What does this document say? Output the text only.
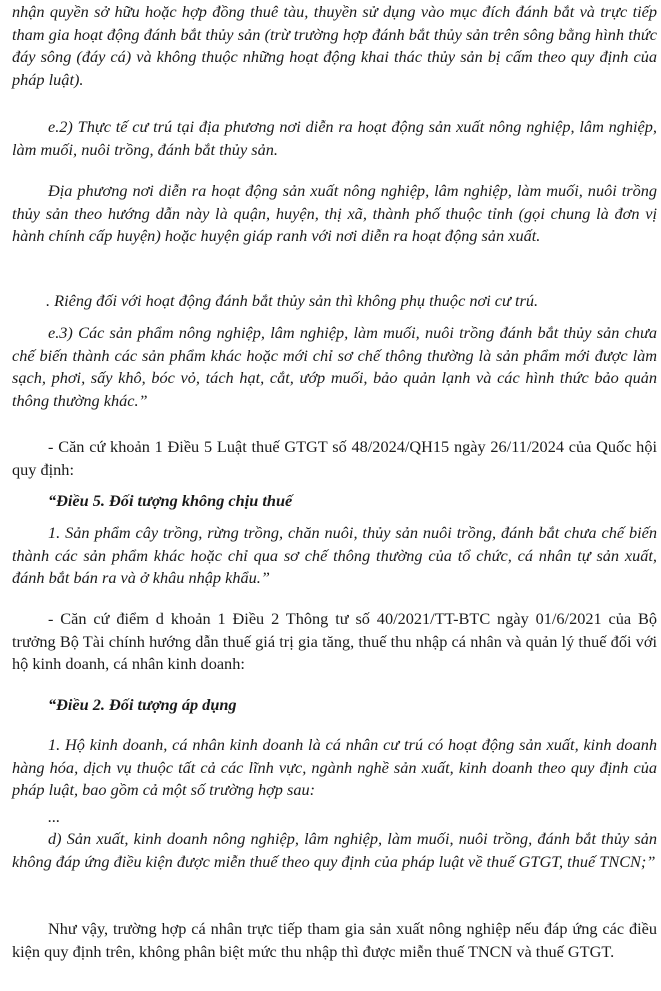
nhận quyền sở hữu hoặc hợp đồng thuê tàu, thuyền sử dụng vào mục đích đánh bắt và trực tiếp tham gia hoạt động đánh bắt thủy sản (trừ trường hợp đánh bắt thủy sản trên sông bằng hình thức đáy sông (đáy cá) và không thuộc những hoạt động khai thác thủy sản bị cấm theo quy định của pháp luật).

e.2) Thực tế cư trú tại địa phương nơi diễn ra hoạt động sản xuất nông nghiệp, lâm nghiệp, làm muối, nuôi trồng, đánh bắt thủy sản.

Địa phương nơi diễn ra hoạt động sản xuất nông nghiệp, lâm nghiệp, làm muối, nuôi trồng thủy sản theo hướng dẫn này là quận, huyện, thị xã, thành phố thuộc tỉnh (gọi chung là đơn vị hành chính cấp huyện) hoặc huyện giáp ranh với nơi diễn ra hoạt động sản xuất.

. Riêng đối với hoạt động đánh bắt thủy sản thì không phụ thuộc nơi cư trú.

e.3) Các sản phẩm nông nghiệp, lâm nghiệp, làm muối, nuôi trồng đánh bắt thủy sản chưa chế biến thành các sản phẩm khác hoặc mới chỉ sơ chế thông thường là sản phẩm mới được làm sạch, phơi, sấy khô, bóc vỏ, tách hạt, cắt, ướp muối, bảo quản lạnh và các hình thức bảo quản thông thường khác.”

- Căn cứ khoản 1 Điều 5 Luật thuế GTGT số 48/2024/QH15 ngày 26/11/2024 của Quốc hội quy định:

“Điều 5. Đối tượng không chịu thuế

1. Sản phẩm cây trồng, rừng trồng, chăn nuôi, thủy sản nuôi trồng, đánh bắt chưa chế biến thành các sản phẩm khác hoặc chỉ qua sơ chế thông thường của tổ chức, cá nhân tự sản xuất, đánh bắt bán ra và ở khâu nhập khẩu.”

- Căn cứ điểm d khoản 1 Điều 2 Thông tư số 40/2021/TT-BTC ngày 01/6/2021 của Bộ trưởng Bộ Tài chính hướng dẫn thuế giá trị gia tăng, thuế thu nhập cá nhân và quản lý thuế đối với hộ kinh doanh, cá nhân kinh doanh:

“Điều 2. Đối tượng áp dụng

1. Hộ kinh doanh, cá nhân kinh doanh là cá nhân cư trú có hoạt động sản xuất, kinh doanh hàng hóa, dịch vụ thuộc tất cả các lĩnh vực, ngành nghề sản xuất, kinh doanh theo quy định của pháp luật, bao gồm cả một số trường hợp sau:

...

d) Sản xuất, kinh doanh nông nghiệp, lâm nghiệp, làm muối, nuôi trồng, đánh bắt thủy sản không đáp ứng điều kiện được miễn thuế theo quy định của pháp luật về thuế GTGT, thuế TNCN;”

Như vậy, trường hợp cá nhân trực tiếp tham gia sản xuất nông nghiệp nếu đáp ứng các điều kiện quy định trên, không phân biệt mức thu nhập thì được miễn thuế TNCN và thuế GTGT.
